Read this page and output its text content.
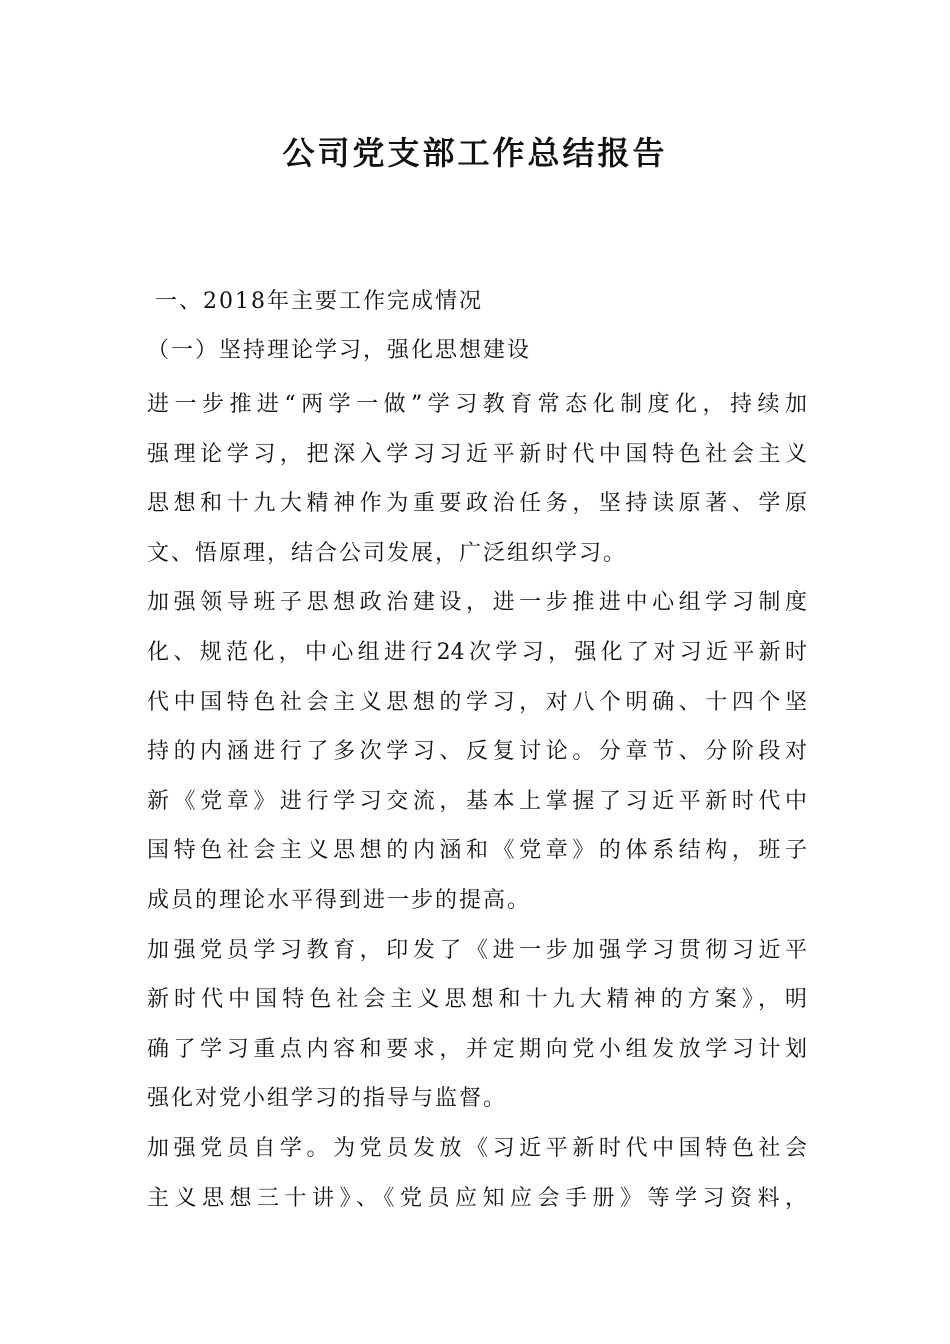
公司党支部工作总结报告

一、2018年主要工作完成情况

（一）坚持理论学习，强化思想建设

进一步推进“两学一做”学习教育常态化制度化，持续加
强理论学习，把深入学习习近平新时代中国特色社会主义
思想和十九大精神作为重要政治任务，坚持读原著、学原
文、悟原理，结合公司发展，广泛组织学习。
加强领导班子思想政治建设，进一步推进中心组学习制度
化、规范化，中心组进行24次学习，强化了对习近平新时
代中国特色社会主义思想的学习，对八个明确、十四个坚
持的内涵进行了多次学习、反复讨论。分章节、分阶段对
新《党章》进行学习交流，基本上掌握了习近平新时代中
国特色社会主义思想的内涵和《党章》的体系结构，班子
成员的理论水平得到进一步的提高。
加强党员学习教育，印发了《进一步加强学习贯彻习近平
新时代中国特色社会主义思想和十九大精神的方案》，明
确了学习重点内容和要求，并定期向党小组发放学习计划
强化对党小组学习的指导与监督。
加强党员自学。为党员发放《习近平新时代中国特色社会
主义思想三十讲》、《党员应知应会手册》等学习资料，
